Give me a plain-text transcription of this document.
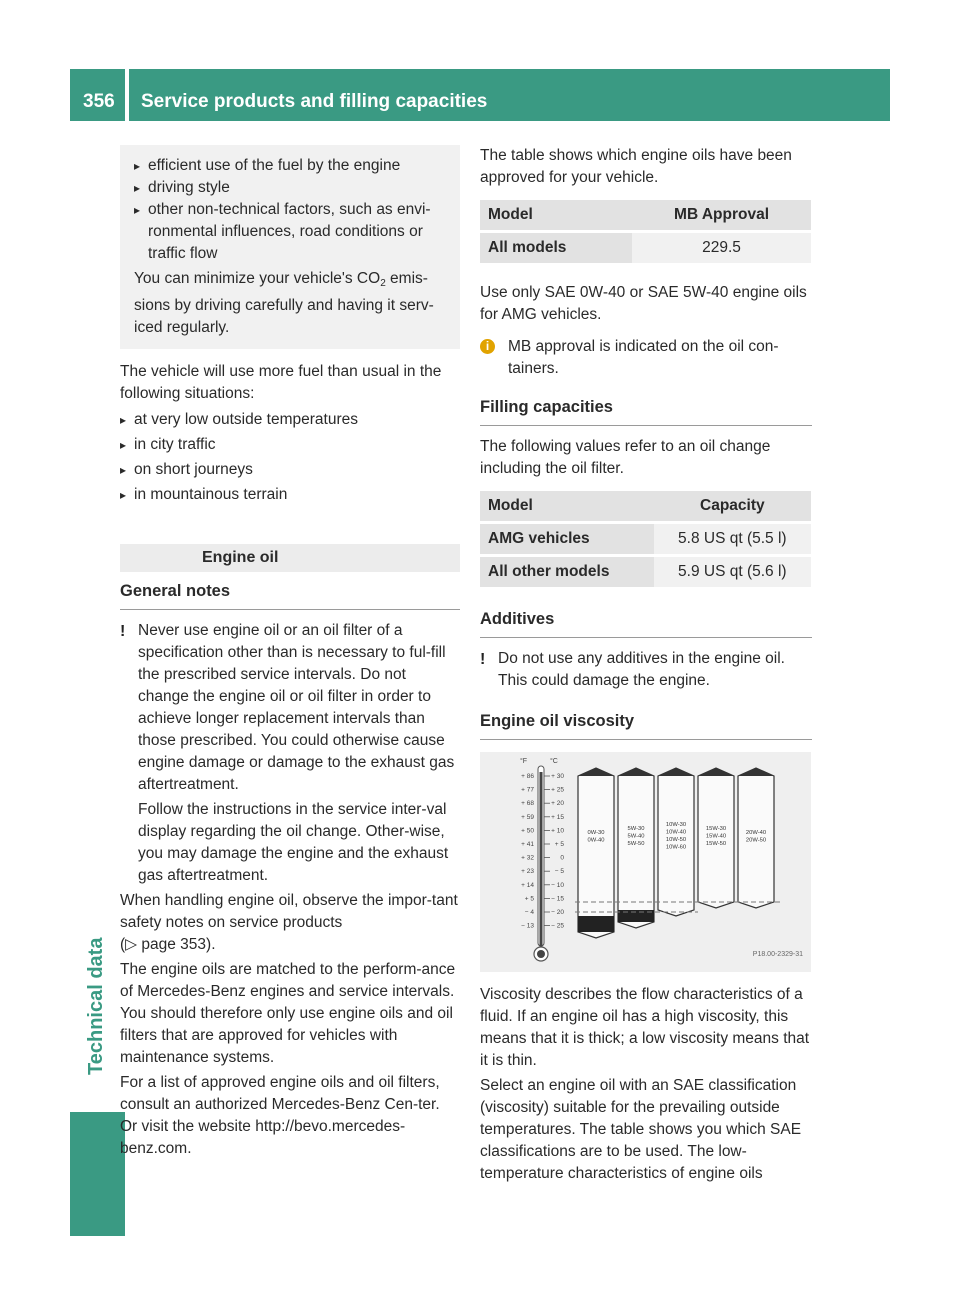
356 Service products and filling capacities
Technical data

▸ efficient use of the fuel by the engine

▸ driving style

▸ other non-technical factors, such as envi-ronmental influences, road conditions or traffic flow

You can minimize your vehicle's $CO_2$ emis-sions by driving carefully and having it serv-iced regularly.

The vehicle will use more fuel than usual in the following situations:

▸ at very low outside temperatures

▸ in city traffic

▸ on short journeys

▸ in mountainous terrain

Engine oil
General notes
! Never use engine oil or an oil filter of a specification other than is necessary to ful-fill the prescribed service intervals. Do not change the engine oil or oil filter in order to achieve longer replacement intervals than those prescribed. You could otherwise cause engine damage or damage to the exhaust gas aftertreatment.

Follow the instructions in the service inter-val display regarding the oil change. Other-wise, you may damage the engine and the exhaust gas aftertreatment.

When handling engine oil, observe the impor-tant safety notes on service products
(▷ page 353).

The engine oils are matched to the perform-ance of Mercedes-Benz engines and service intervals. You should therefore only use engine oils and oil filters that are approved for vehicles with maintenance systems.

For a list of approved engine oils and oil filters, consult an authorized Mercedes-Benz Cen-ter. Or visit the website http://bevo.mercedes-benz.com.

The table shows which engine oils have been approved for your vehicle.

Model	MB Approval
All models	229.5

Use only SAE 0W-40 or SAE 5W-40 engine oils for AMG vehicles.

i	MB approval is indicated on the oil con-tainers.

Filling capacities

The following values refer to an oil change including the oil filter.

Model	Capacity
AMG vehicles	5.8 US qt (5.5 l)
All other models	5.9 US qt (5.6 l)
Additives
! Do not use any additives in the engine oil. This could damage the engine.

Engine oil viscosity
°F	°C
+ 86
+ 77
+ 68
+ 59
+ 50
+ 41
+ 32
+ 23
+ 14
+ 5
− 4
− 13
+ 30
+ 25
+ 20
+ 15
+ 10
+ 5
0
− 5
− 10
− 15
− 20
− 25
0W-30
0W-40
5W-30
5W-40
5W-50
10W-30
10W-40
10W-50
10W-60
15W-30
15W-40
15W-50
20W-40
20W-50
P18.00-2329-31

Viscosity describes the flow characteristics of a fluid. If an engine oil has a high viscosity, this means that it is thick; a low viscosity means that it is thin.

Select an engine oil with an SAE classification (viscosity) suitable for the prevailing outside temperatures. The table shows you which SAE classifications are to be used. The low-temperature characteristics of engine oils
